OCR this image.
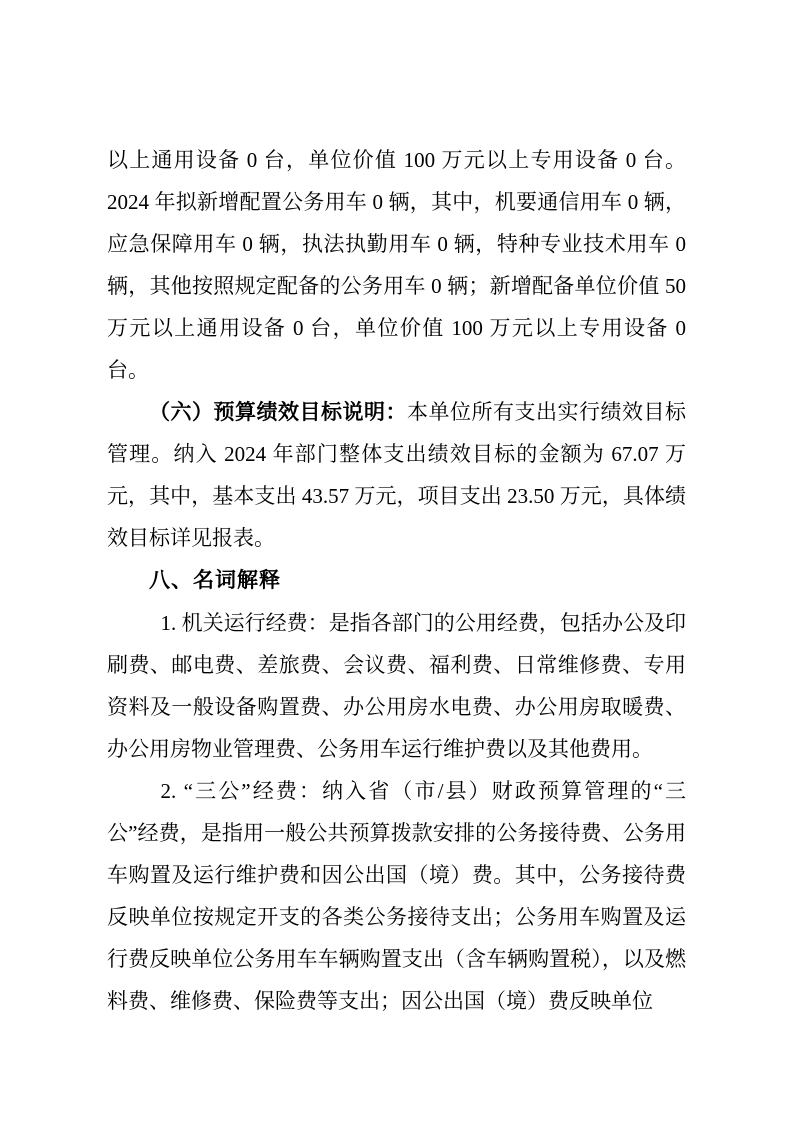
以上通用设备 0 台，单位价值 100 万元以上专用设备 0 台。2024 年拟新增配置公务用车 0 辆，其中，机要通信用车 0 辆，应急保障用车 0 辆，执法执勤用车 0 辆，特种专业技术用车 0 辆，其他按照规定配备的公务用车 0 辆；新增配备单位价值 50 万元以上通用设备 0 台，单位价值 100 万元以上专用设备 0 台。

（六）预算绩效目标说明：本单位所有支出实行绩效目标管理。纳入 2024 年部门整体支出绩效目标的金额为 67.07 万元，其中，基本支出 43.57 万元，项目支出 23.50 万元，具体绩效目标详见报表。

八、名词解释

1. 机关运行经费：是指各部门的公用经费，包括办公及印刷费、邮电费、差旅费、会议费、福利费、日常维修费、专用资料及一般设备购置费、办公用房水电费、办公用房取暖费、办公用房物业管理费、公务用车运行维护费以及其他费用。

2. “三公”经费：纳入省（市/县）财政预算管理的“三公”经费，是指用一般公共预算拨款安排的公务接待费、公务用车购置及运行维护费和因公出国（境）费。其中，公务接待费反映单位按规定开支的各类公务接待支出；公务用车购置及运行费反映单位公务用车车辆购置支出（含车辆购置税），以及燃料费、维修费、保险费等支出；因公出国（境）费反映单位
